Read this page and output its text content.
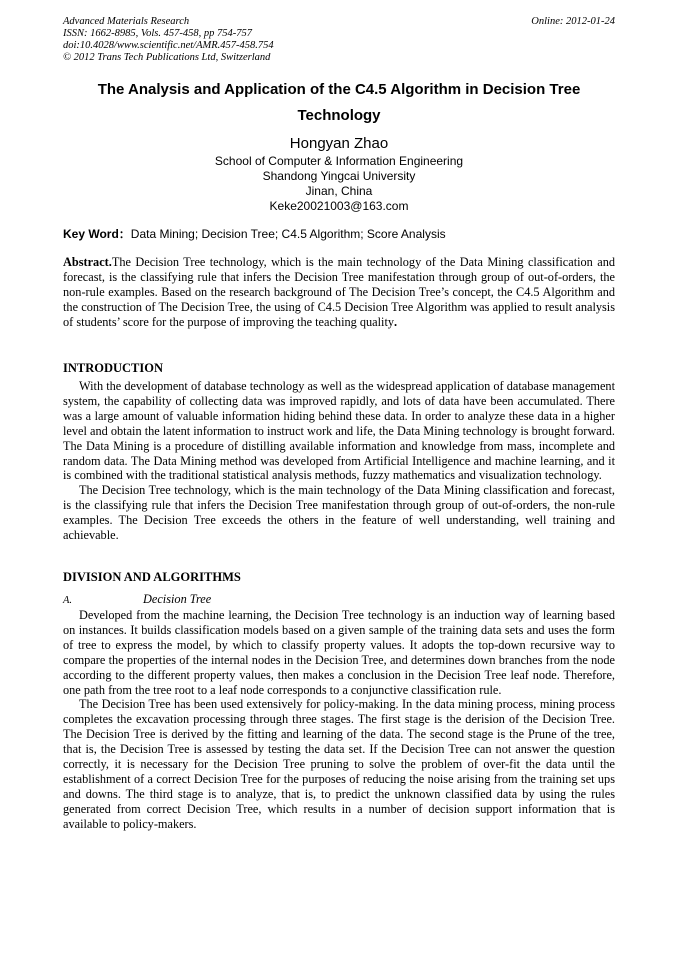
Advanced Materials Research
ISSN: 1662-8985, Vols. 457-458, pp 754-757
doi:10.4028/www.scientific.net/AMR.457-458.754
© 2012 Trans Tech Publications Ltd, Switzerland
Online: 2012-01-24
The Analysis and Application of the C4.5 Algorithm in Decision Tree Technology
Hongyan Zhao
School of Computer & Information Engineering
Shandong Yingcai University
Jinan, China
Keke20021003@163.com
Key Word：Data Mining; Decision Tree; C4.5 Algorithm; Score Analysis
Abstract.The Decision Tree technology, which is the main technology of the Data Mining classification and forecast, is the classifying rule that infers the Decision Tree manifestation through group of out-of-orders, the non-rule examples. Based on the research background of The Decision Tree’s concept, the C4.5 Algorithm and the construction of The Decision Tree, the using of C4.5 Decision Tree Algorithm was applied to result analysis of students’ score for the purpose of improving the teaching quality.
INTRODUCTION

With the development of database technology as well as the widespread application of database management system, the capability of collecting data was improved rapidly, and lots of data have been accumulated. There was a large amount of valuable information hiding behind these data. In order to analyze these data in a higher level and obtain the latent information to instruct work and life, the Data Mining technology is brought forward. The Data Mining is a procedure of distilling available information and knowledge from mass, incomplete and random data. The Data Mining method was developed from Artificial Intelligence and machine learning, and it is combined with the traditional statistical analysis methods, fuzzy mathematics and visualization technology.

The Decision Tree technology, which is the main technology of the Data Mining classification and forecast, is the classifying rule that infers the Decision Tree manifestation through group of out-of-orders, the non-rule examples. The Decision Tree exceeds the others in the feature of well understanding, well training and achievable.

DIVISION AND ALGORITHMS
A.	Decision Tree

Developed from the machine learning, the Decision Tree technology is an induction way of learning based on instances. It builds classification models based on a given sample of the training data sets and uses the form of tree to express the model, by which to classify property values. It adopts the top-down recursive way to compare the properties of the internal nodes in the Decision Tree, and determines down branches from the node according to the different property values, then makes a conclusion in the Decision Tree leaf node. Therefore, one path from the tree root to a leaf node corresponds to a conjunctive classification rule.

The Decision Tree has been used extensively for policy-making. In the data mining process, mining process completes the excavation processing through three stages. The first stage is the derision of the Decision Tree. The Decision Tree is derived by the fitting and learning of the data. The second stage is the Prune of the tree, that is, the Decision Tree is assessed by testing the data set. If the Decision Tree can not answer the question correctly, it is necessary for the Decision Tree pruning to solve the problem of over-fit the data until the establishment of a correct Decision Tree for the purposes of reducing the noise arising from the training set ups and downs. The third stage is to analyze, that is, to predict the unknown classified data by using the rules generated from correct Decision Tree, which results in a number of decision support information that is available to policy-makers.
